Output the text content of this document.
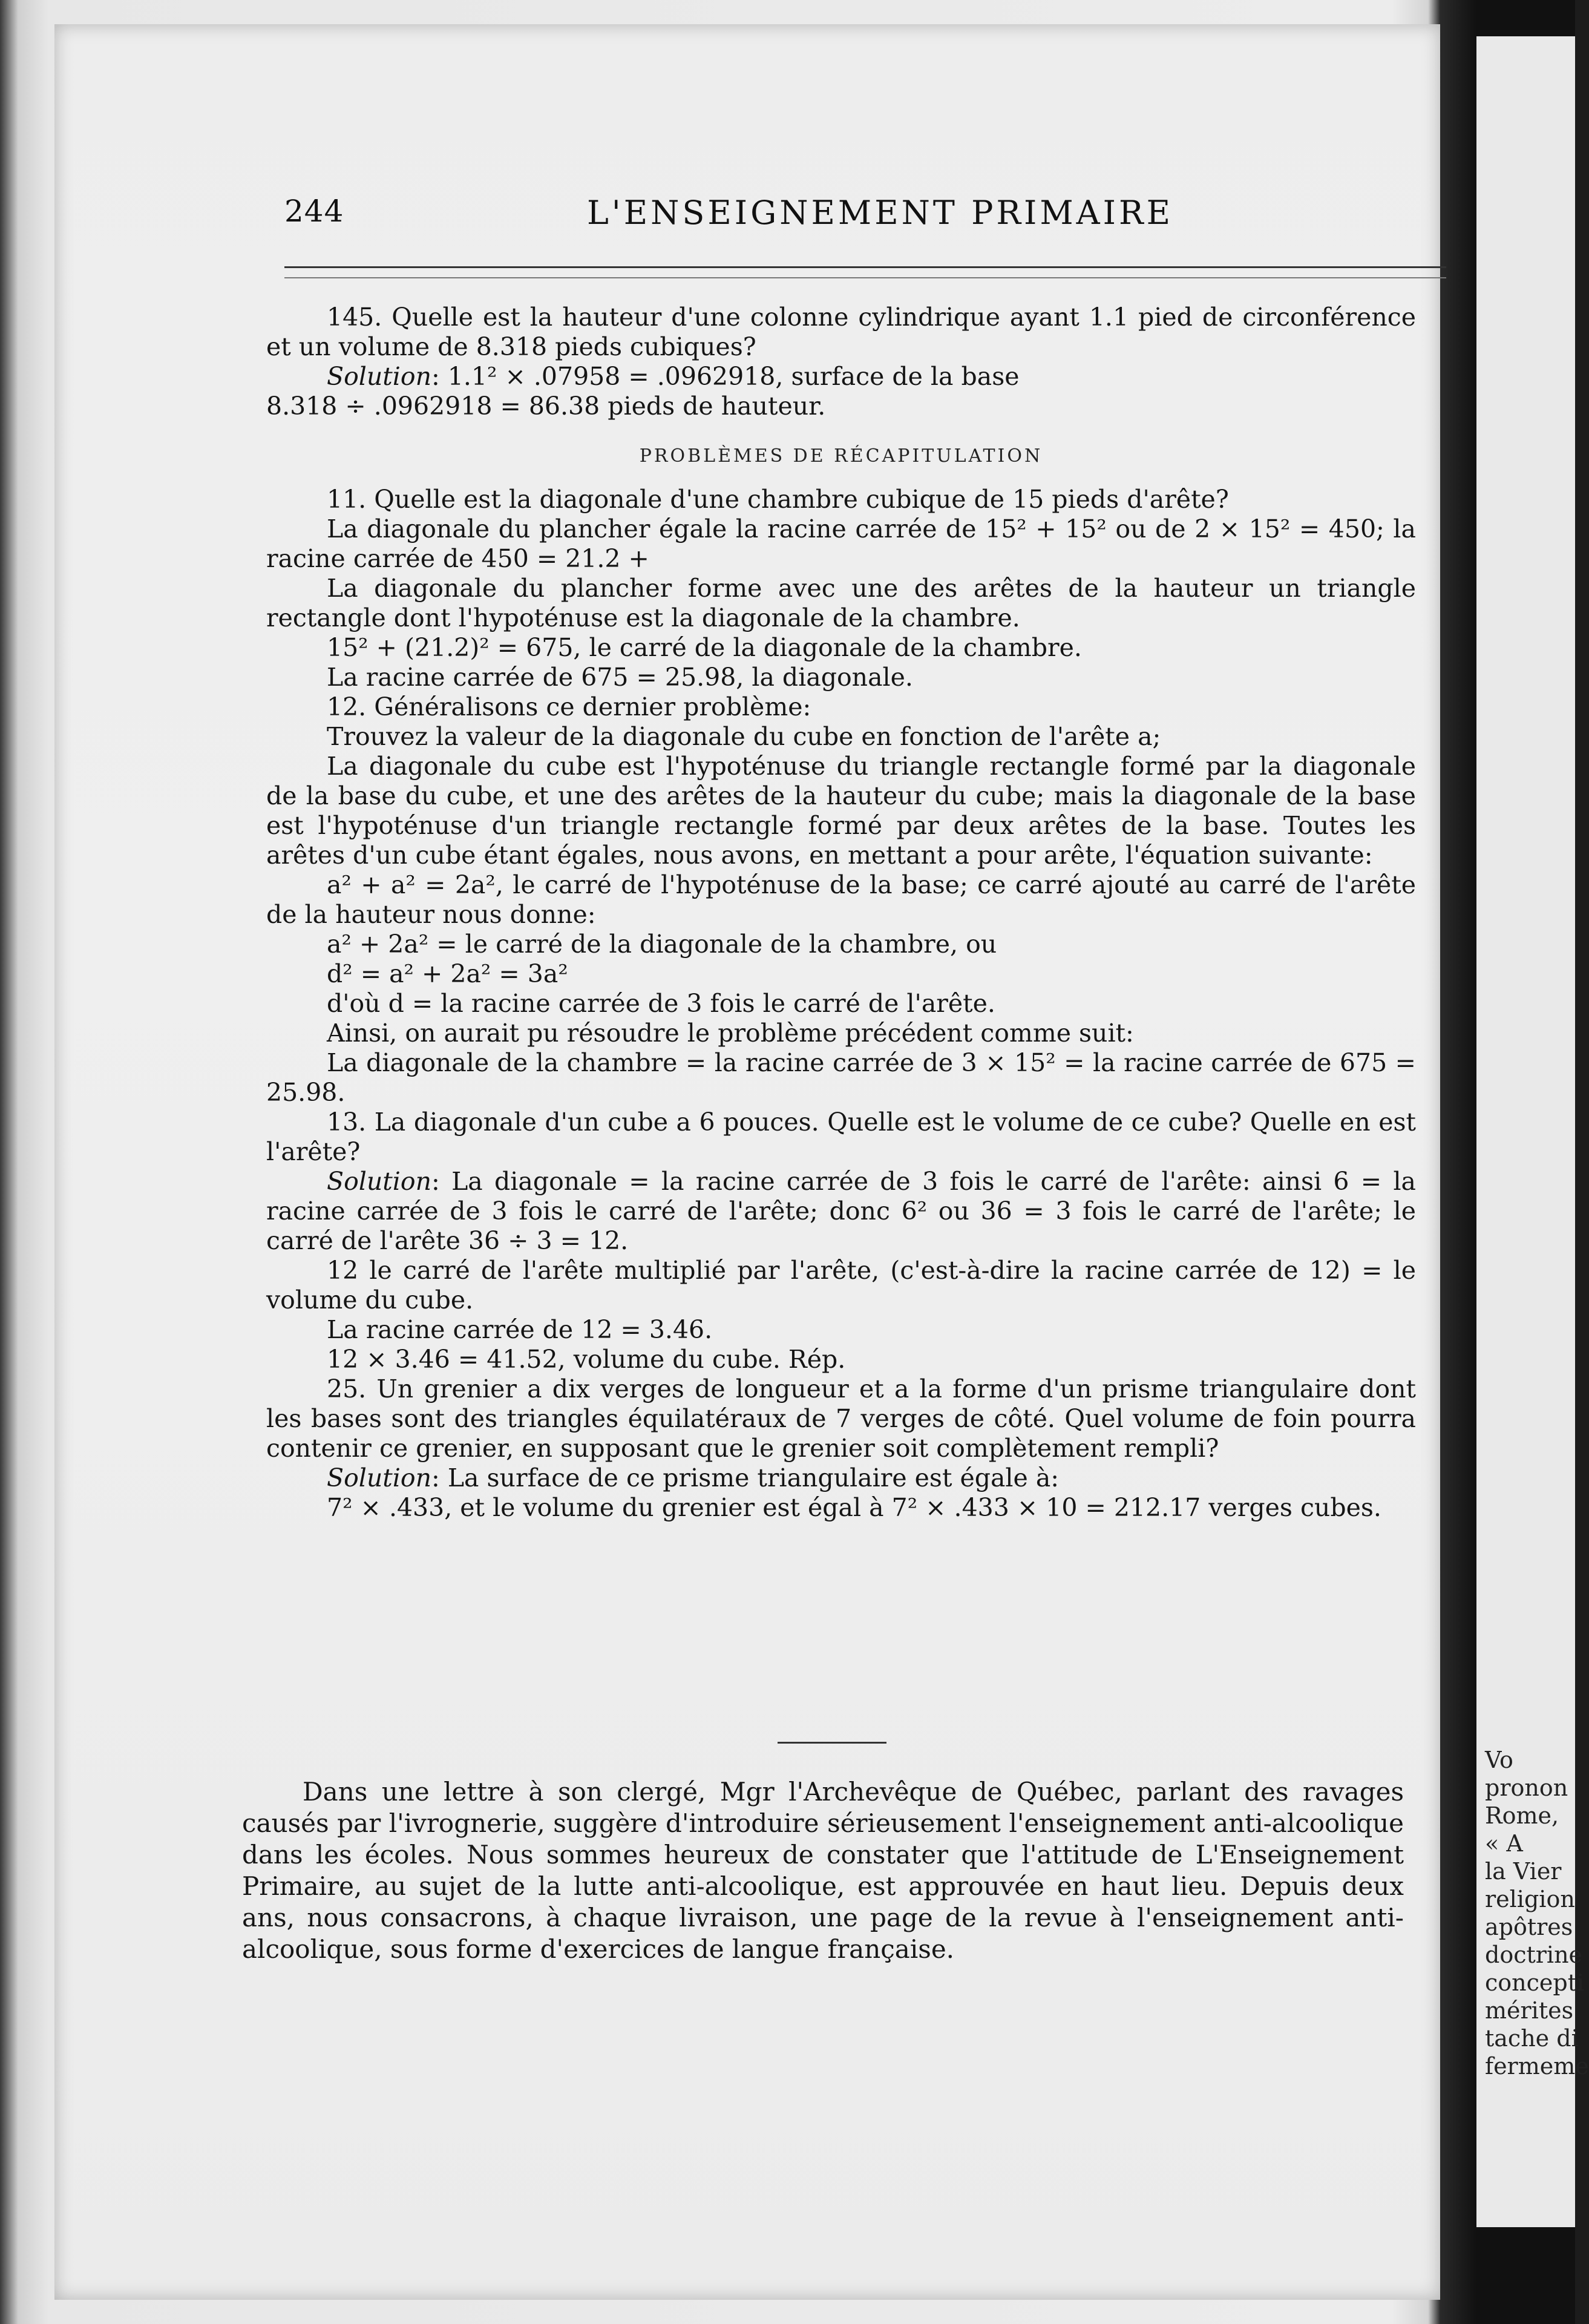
Vo
pronon
Rome,
« A
la Vier
religion
apôtres
doctrine
concepti
mérites
tache di
fermeme
244	L'ENSEIGNEMENT PRIMAIRE

145. Quelle est la hauteur d'une colonne cylindrique ayant 1.1 pied de circonférence et un volume de 8.318 pieds cubiques?

Solution: 1.1² × .07958 = .0962918, surface de la base

8.318 ÷ .0962918 = 86.38 pieds de hauteur.

PROBLÈMES DE RÉCAPITULATION

11. Quelle est la diagonale d'une chambre cubique de 15 pieds d'arête?

La diagonale du plancher égale la racine carrée de 15² + 15² ou de 2 × 15² = 450; la racine carrée de 450 = 21.2 +

La diagonale du plancher forme avec une des arêtes de la hauteur un triangle rectangle dont l'hypoténuse est la diagonale de la chambre.

15² + (21.2)² = 675, le carré de la diagonale de la chambre.

La racine carrée de 675 = 25.98, la diagonale.

12. Généralisons ce dernier problème:

Trouvez la valeur de la diagonale du cube en fonction de l'arête a;

La diagonale du cube est l'hypoténuse du triangle rectangle formé par la diagonale de la base du cube, et une des arêtes de la hauteur du cube; mais la diagonale de la base est l'hypoténuse d'un triangle rectangle formé par deux arêtes de la base. Toutes les arêtes d'un cube étant égales, nous avons, en mettant a pour arête, l'équation suivante:

a² + a² = 2a², le carré de l'hypoténuse de la base; ce carré ajouté au carré de l'arête de la hauteur nous donne:

a² + 2a² = le carré de la diagonale de la chambre, ou

d² = a² + 2a² = 3a²

d'où d = la racine carrée de 3 fois le carré de l'arête.

Ainsi, on aurait pu résoudre le problème précédent comme suit:

La diagonale de la chambre = la racine carrée de 3 × 15² = la racine carrée de 675 = 25.98.

13. La diagonale d'un cube a 6 pouces. Quelle est le volume de ce cube? Quelle en est l'arête?

Solution: La diagonale = la racine carrée de 3 fois le carré de l'arête: ainsi 6 = la racine carrée de 3 fois le carré de l'arête; donc 6² ou 36 = 3 fois le carré de l'arête; le carré de l'arête 36 ÷ 3 = 12.

12 le carré de l'arête multiplié par l'arête, (c'est-à-dire la racine carrée de 12) = le volume du cube.

La racine carrée de 12 = 3.46.

12 × 3.46 = 41.52, volume du cube. Rép.

25. Un grenier a dix verges de longueur et a la forme d'un prisme triangulaire dont les bases sont des triangles équilatéraux de 7 verges de côté. Quel volume de foin pourra contenir ce grenier, en supposant que le grenier soit complètement rempli?

Solution: La surface de ce prisme triangulaire est égale à:

7² × .433, et le volume du grenier est égal à 7² × .433 × 10 = 212.17 verges cubes.

Dans une lettre à son clergé, Mgr l'Archevêque de Québec, parlant des ravages causés par l'ivrognerie, suggère d'introduire sérieusement l'enseignement anti-alcoolique dans les écoles. Nous sommes heureux de constater que l'attitude de L'Enseignement Primaire, au sujet de la lutte anti-alcoolique, est approuvée en haut lieu. Depuis deux ans, nous consacrons, à chaque livraison, une page de la revue à l'enseignement anti-alcoolique, sous forme d'exercices de langue française.
